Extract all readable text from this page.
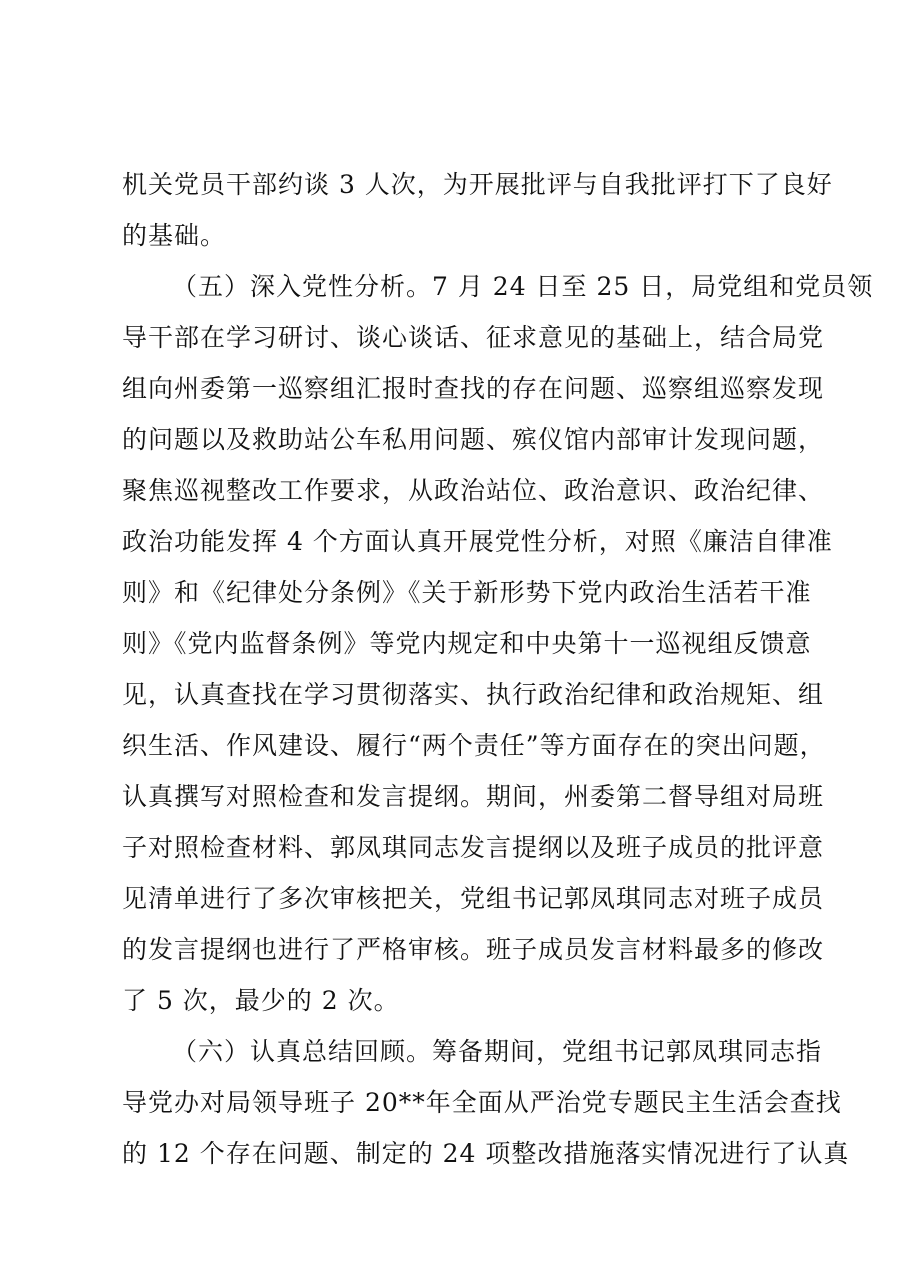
机关党员干部约谈 3 人次，为开展批评与自我批评打下了良好
的基础。
（五）深入党性分析。7 月 24 日至 25 日，局党组和党员领
导干部在学习研讨、谈心谈话、征求意见的基础上，结合局党
组向州委第一巡察组汇报时查找的存在问题、巡察组巡察发现
的问题以及救助站公车私用问题、殡仪馆内部审计发现问题，
聚焦巡视整改工作要求，从政治站位、政治意识、政治纪律、
政治功能发挥 4 个方面认真开展党性分析，对照《廉洁自律准
则》和《纪律处分条例》《关于新形势下党内政治生活若干准
则》《党内监督条例》等党内规定和中央第十一巡视组反馈意
见，认真查找在学习贯彻落实、执行政治纪律和政治规矩、组
织生活、作风建设、履行“两个责任”等方面存在的突出问题，
认真撰写对照检查和发言提纲。期间，州委第二督导组对局班
子对照检查材料、郭凤琪同志发言提纲以及班子成员的批评意
见清单进行了多次审核把关，党组书记郭凤琪同志对班子成员
的发言提纲也进行了严格审核。班子成员发言材料最多的修改
了 5 次，最少的 2 次。
（六）认真总结回顾。筹备期间，党组书记郭凤琪同志指
导党办对局领导班子 20**年全面从严治党专题民主生活会查找
的 12 个存在问题、制定的 24 项整改措施落实情况进行了认真
